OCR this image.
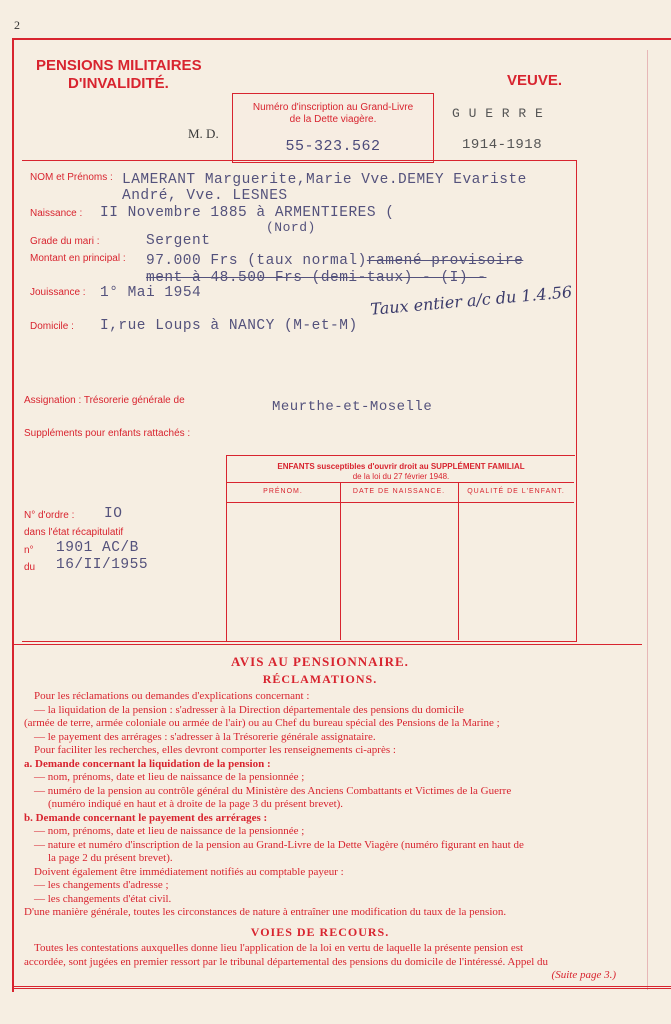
2
PENSIONS MILITAIRES
D'INVALIDITÉ.	VEUVE.
Numéro d'inscription au Grand-Livre
de la Dette viagère.
55-323.562
M. D.
G U E R R E
1914-1918
NOM et Prénoms : LAMERANT Marguerite,Marie Vve.DEMEY Evariste
André, Vve. LESNES
Naissance : II Novembre 1885 à ARMENTIERES (
(Nord)
Grade du mari :	Sergent
Montant en principal : 97.000 Frs (taux normal)ramené provisoire
ment à 48.500 Frs (demi-taux) - (I) -
Jouissance : 1° Mai 1954	Taux entier a/c du 1.4.56
Domicile : I,rue Loups à NANCY (M-et-M)
Assignation : Trésorerie générale de	Meurthe-et-Moselle
Suppléments pour enfants rattachés :
ENFANTS susceptibles d'ouvrir droit au SUPPLÉMENT FAMILIAL
de la loi du 27 février 1948.
PRÉNOM.	DATE DE NAISSANCE.	QUALITÉ DE L'ENFANT.
N° d'ordre : IO
dans l'état récapitulatif
n° 1901 AC/B
du 16/II/1955

AVIS AU PENSIONNAIRE.

RÉCLAMATIONS.

Pour les réclamations ou demandes d'explications concernant :

— la liquidation de la pension : s'adresser à la Direction départementale des pensions du domicile

(armée de terre, armée coloniale ou armée de l'air) ou au Chef du bureau spécial des Pensions de la Marine ;

— le payement des arrérages : s'adresser à la Trésorerie générale assignataire.

Pour faciliter les recherches, elles devront comporter les renseignements ci-après :

a. Demande concernant la liquidation de la pension :

— nom, prénoms, date et lieu de naissance de la pensionnée ;

— numéro de la pension au contrôle général du Ministère des Anciens Combattants et Victimes de la Guerre

(numéro indiqué en haut et à droite de la page 3 du présent brevet).

b. Demande concernant le payement des arrérages :

— nom, prénoms, date et lieu de naissance de la pensionnée ;

— nature et numéro d'inscription de la pension au Grand-Livre de la Dette Viagère (numéro figurant en haut de

la page 2 du présent brevet).

Doivent également être immédiatement notifiés au comptable payeur :

— les changements d'adresse ;

— les changements d'état civil.

D'une manière générale, toutes les circonstances de nature à entraîner une modification du taux de la pension.

VOIES DE RECOURS.

Toutes les contestations auxquelles donne lieu l'application de la loi en vertu de laquelle la présente pension est

accordée, sont jugées en premier ressort par le tribunal départemental des pensions du domicile de l'intéressé. Appel du

(Suite page 3.)
